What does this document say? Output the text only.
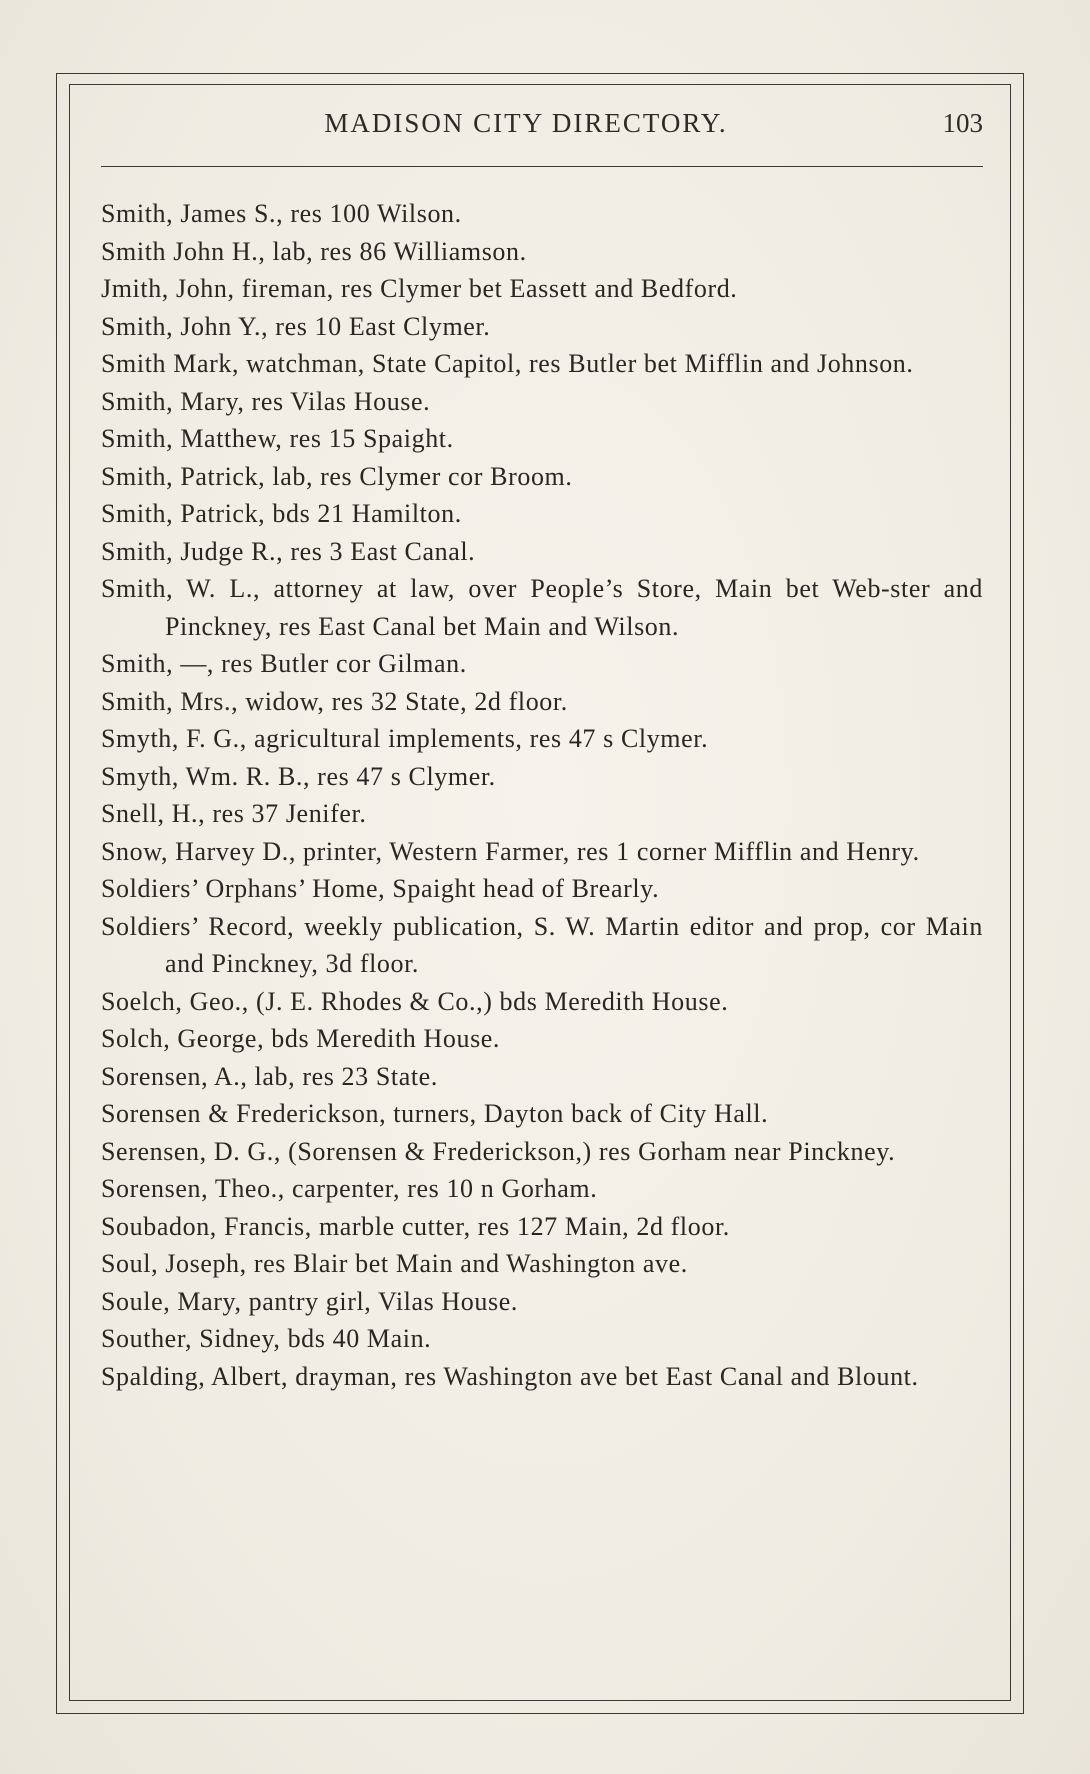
MADISON CITY DIRECTORY.	103
Smith, James S., res 100 Wilson.
Smith John H., lab, res 86 Williamson.
Jmith, John, fireman, res Clymer bet Eassett and Bedford.
Smith, John Y., res 10 East Clymer.
Smith Mark, watchman, State Capitol, res Butler bet Mifflin and Johnson.
Smith, Mary, res Vilas House.
Smith, Matthew, res 15 Spaight.
Smith, Patrick, lab, res Clymer cor Broom.
Smith, Patrick, bds 21 Hamilton.
Smith, Judge R., res 3 East Canal.
Smith, W. L., attorney at law, over People’s Store, Main bet Web-ster and Pinckney, res East Canal bet Main and Wilson.
Smith, —, res Butler cor Gilman.
Smith, Mrs., widow, res 32 State, 2d floor.
Smyth, F. G., agricultural implements, res 47 s Clymer.
Smyth, Wm. R. B., res 47 s Clymer.
Snell, H., res 37 Jenifer.
Snow, Harvey D., printer, Western Farmer, res 1 corner Mifflin and Henry.
Soldiers’ Orphans’ Home, Spaight head of Brearly.
Soldiers’ Record, weekly publication, S. W. Martin editor and prop, cor Main and Pinckney, 3d floor.
Soelch, Geo., (J. E. Rhodes & Co.,) bds Meredith House.
Solch, George, bds Meredith House.
Sorensen, A., lab, res 23 State.
Sorensen & Frederickson, turners, Dayton back of City Hall.
Serensen, D. G., (Sorensen & Frederickson,) res Gorham near Pinckney.
Sorensen, Theo., carpenter, res 10 n Gorham.
Soubadon, Francis, marble cutter, res 127 Main, 2d floor.
Soul, Joseph, res Blair bet Main and Washington ave.
Soule, Mary, pantry girl, Vilas House.
Souther, Sidney, bds 40 Main.
Spalding, Albert, drayman, res Washington ave bet East Canal and Blount.
